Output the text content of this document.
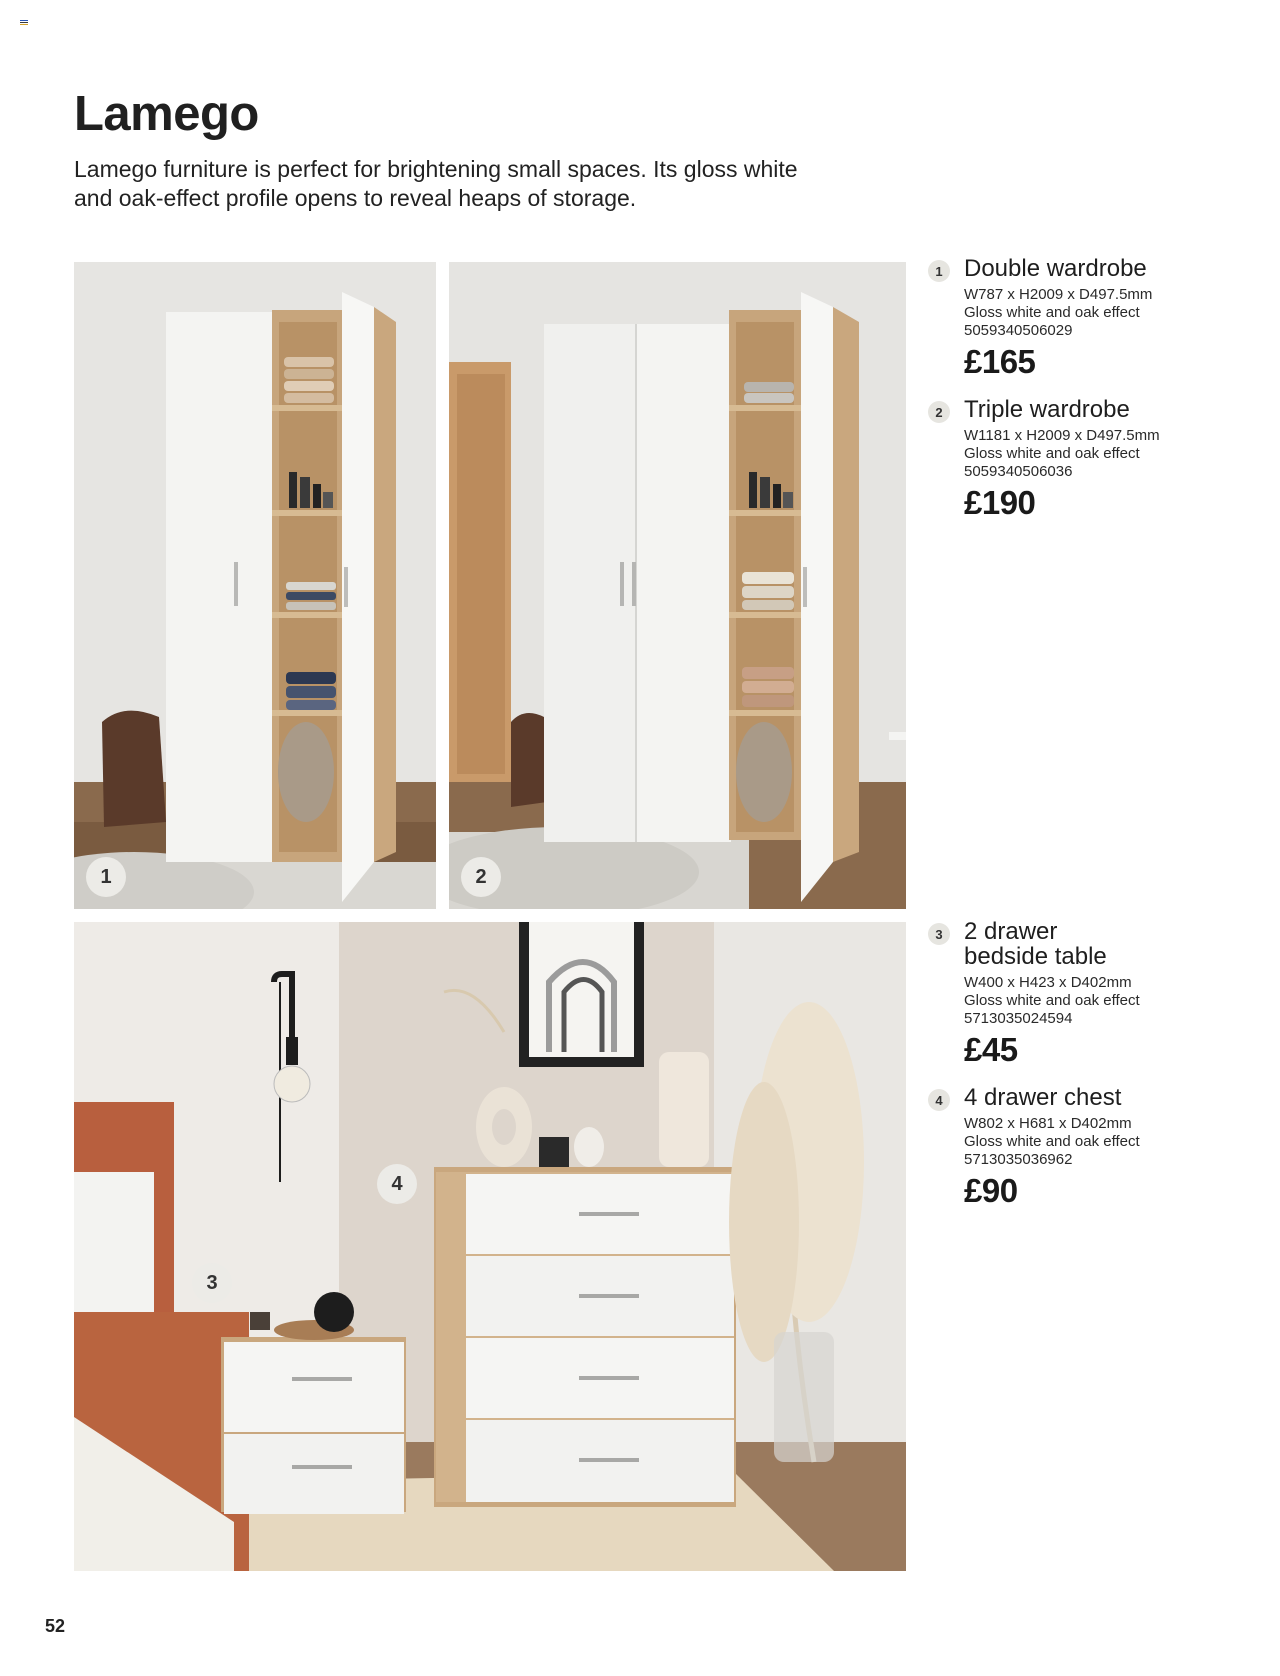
Lamego

Lamego furniture is perfect for brightening small spaces. Its gloss white and oak-effect profile opens to reveal heaps of storage.

1	2
3
4
1 Double wardrobe
W787 x H2009 x D497.5mm
Gloss white and oak effect
5059340506029
£165
2 Triple wardrobe
W1181 x H2009 x D497.5mm
Gloss white and oak effect
5059340506036
£190
3 2 drawer
bedside table
W400 x H423 x D402mm
Gloss white and oak effect
5713035024594
£45
4 4 drawer chest
W802 x H681 x D402mm
Gloss white and oak effect
5713035036962
£90
52
